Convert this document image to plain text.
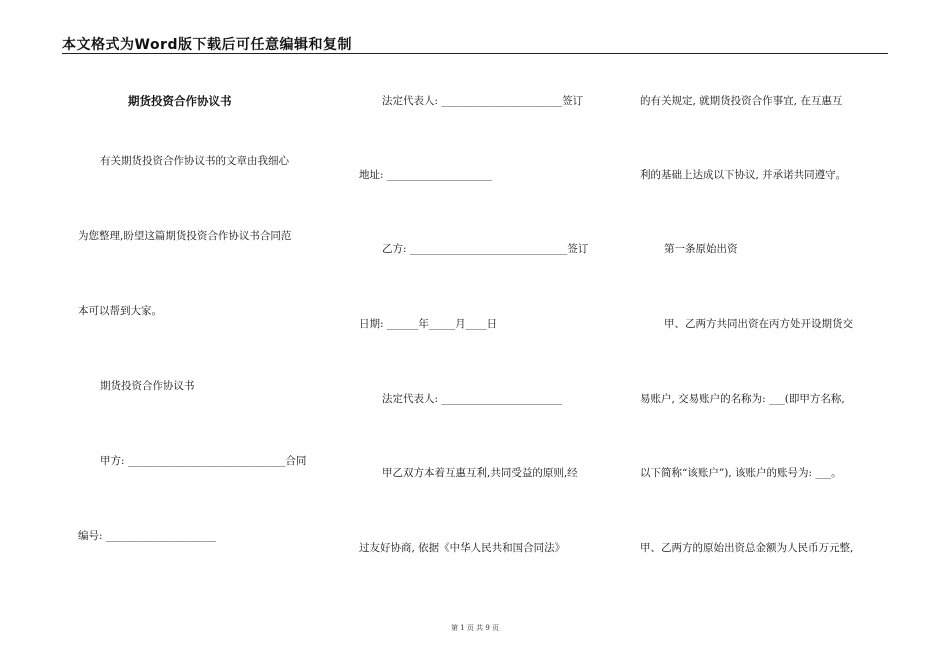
本文格式为Word版下载后可任意编辑和复制
期货投资合作协议书
有关期货投资合作协议书的文章由我细心
为您整理,盼望这篇期货投资合作协议书合同范
本可以帮到大家。
期货投资合作协议书
甲方: ______________________________合同
编号: _____________________
法定代表人: _______________________签订
地址: ____________________
乙方: ______________________________签订
日期: ______年_____月____日
法定代表人: _______________________
甲乙双方本着互惠互利,共同受益的原则,经
过友好协商, 依据《中华人民共和国合同法》
的有关规定, 就期货投资合作事宜, 在互惠互
利的基础上达成以下协议, 并承诺共同遵守。
第一条原始出资
甲、乙两方共同出资在丙方处开设期货交
易账户, 交易账户的名称为: ___(即甲方名称,
以下简称“该账户”), 该账户的账号为: ___。
甲、乙两方的原始出资总金额为人民币万元整,
第 1 页 共 9 页
